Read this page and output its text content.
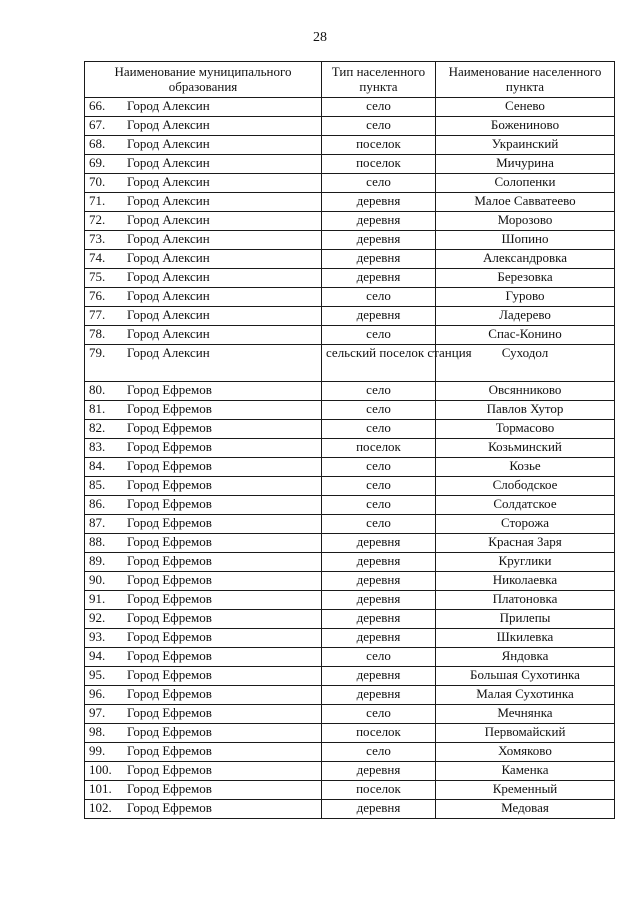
28
Наименование муниципального образования	Тип населенного пункта	Наименование населенного пункта
66. Город Алексин	село	Сенево
67. Город Алексин	село	Боженинoво
68. Город Алексин	поселок	Украинский
69. Город Алексин	поселок	Мичурина
70. Город Алексин	село	Солопенки
71. Город Алексин	деревня	Малое Савватеево
72. Город Алексин	деревня	Морозово
73. Город Алексин	деревня	Шопино
74. Город Алексин	деревня	Александровка
75. Город Алексин	деревня	Березовка
76. Город Алексин	село	Гурово
77. Город Алексин	деревня	Ладерево
78. Город Алексин	село	Спас-Конино
79. Город Алексин	сельский поселок станция	Суходол
80. Город Ефремов	село	Овсянниково
81. Город Ефремов	село	Павлов Хутор
82. Город Ефремов	село	Тормасово
83. Город Ефремов	поселок	Козьминский
84. Город Ефремов	село	Козье
85. Город Ефремов	село	Слободское
86. Город Ефремов	село	Солдатское
87. Город Ефремов	село	Сторожа
88. Город Ефремов	деревня	Красная Заря
89. Город Ефремов	деревня	Круглики
90. Город Ефремов	деревня	Николаевка
91. Город Ефремов	деревня	Платоновка
92. Город Ефремов	деревня	Прилепы
93. Город Ефремов	деревня	Шкилевка
94. Город Ефремов	село	Яндовка
95. Город Ефремов	деревня	Большая Сухотинка
96. Город Ефремов	деревня	Малая Сухотинка
97. Город Ефремов	село	Мечнянка
98. Город Ефремов	поселок	Первомайский
99. Город Ефремов	село	Хомяково
100. Город Ефремов	деревня	Каменка
101. Город Ефремов	поселок	Кременный
102. Город Ефремов	деревня	Медовая
